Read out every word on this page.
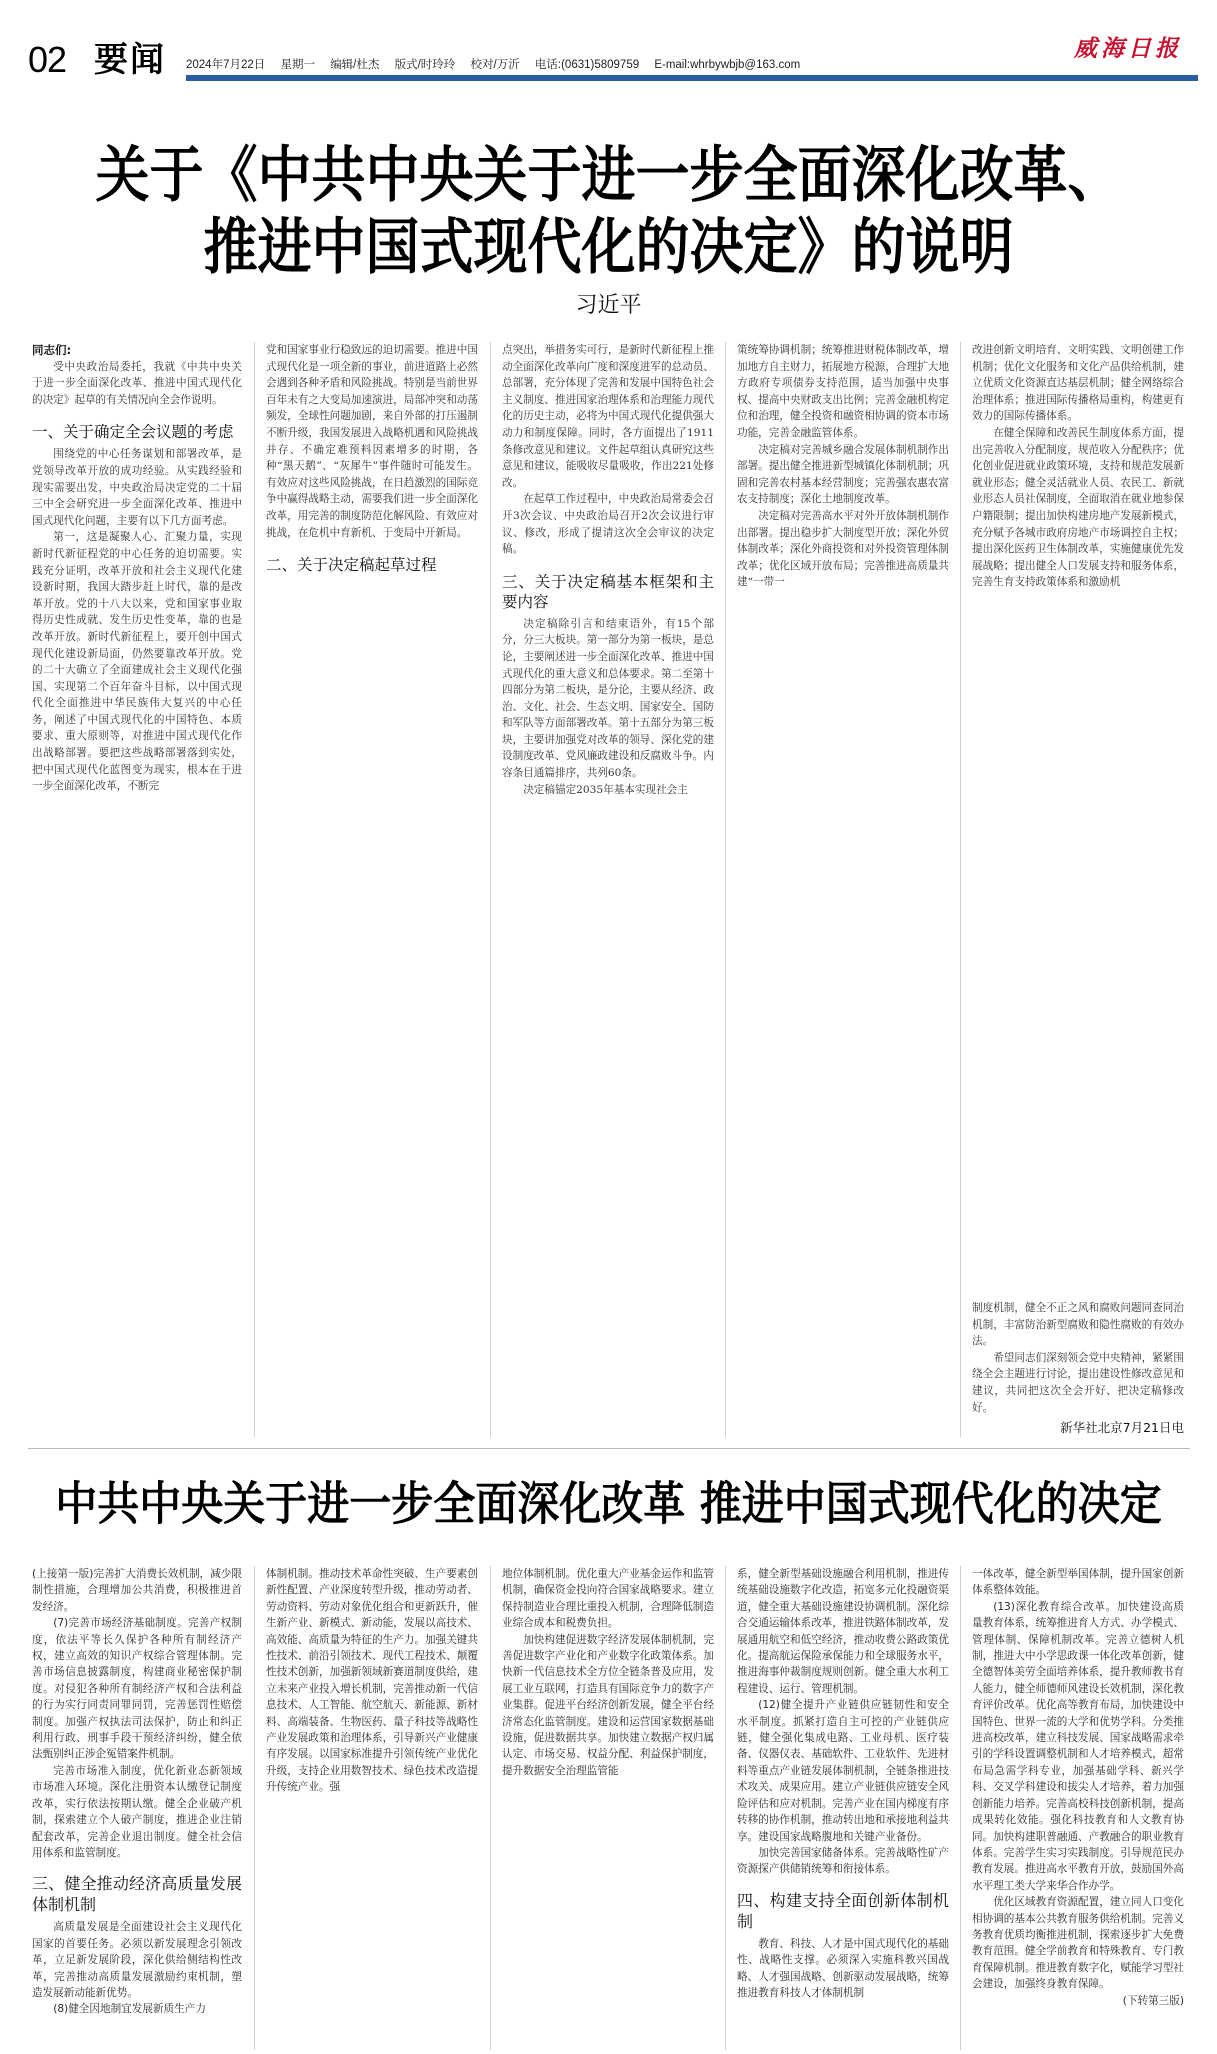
02 要闻 2024年7月22日 星期一 编辑/杜杰 版式/时玲玲 校对/万沂 电话:(0631)5809759 E-mail:whrbywbjb@163.com
威海日报
关于《中共中央关于进一步全面深化改革、
推进中国式现代化的决定》的说明
习近平

同志们:

受中央政治局委托，我就《中共中央关于进一步全面深化改革、推进中国式现代化的决定》起草的有关情况向全会作说明。

一、关于确定全会议题的考虑

围绕党的中心任务谋划和部署改革，是党领导改革开放的成功经验。从实践经验和现实需要出发，中央政治局决定党的二十届三中全会研究进一步全面深化改革、推进中国式现代化问题，主要有以下几方面考虑。

第一，这是凝聚人心、汇聚力量，实现新时代新征程党的中心任务的迫切需要。实践充分证明，改革开放和社会主义现代化建设新时期，我国大踏步赶上时代，靠的是改革开放。党的十八大以来，党和国家事业取得历史性成就、发生历史性变革，靠的也是改革开放。新时代新征程上，要开创中国式现代化建设新局面，仍然要靠改革开放。党的二十大确立了全面建成社会主义现代化强国、实现第二个百年奋斗目标，以中国式现代化全面推进中华民族伟大复兴的中心任务，阐述了中国式现代化的中国特色、本质要求、重大原则等，对推进中国式现代化作出战略部署。要把这些战略部署落到实处，把中国式现代化蓝图变为现实，根本在于进一步全面深化改革，不断完

党和国家事业行稳致远的迫切需要。推进中国式现代化是一项全新的事业，前进道路上必然会遇到各种矛盾和风险挑战。特别是当前世界百年未有之大变局加速演进，局部冲突和动荡频发，全球性问题加剧，来自外部的打压遏制不断升级，我国发展进入战略机遇和风险挑战并存、不确定难预料因素增多的时期，各种“黑天鹅”、“灰犀牛”事件随时可能发生。有效应对这些风险挑战，在日趋激烈的国际竞争中赢得战略主动，需要我们进一步全面深化改革，用完善的制度防范化解风险、有效应对挑战，在危机中育新机、于变局中开新局。

二、关于决定稿起草过程

点突出，举措务实可行，是新时代新征程上推动全面深化改革向广度和深度进军的总动员、总部署，充分体现了完善和发展中国特色社会主义制度、推进国家治理体系和治理能力现代化的历史主动，必将为中国式现代化提供强大动力和制度保障。同时，各方面提出了1911条修改意见和建议。文件起草组认真研究这些意见和建议，能吸收尽量吸收，作出221处修改。

在起草工作过程中，中央政治局常委会召开3次会议、中央政治局召开2次会议进行审议、修改，形成了提请这次全会审议的决定稿。

三、关于决定稿基本框架和主要内容

决定稿除引言和结束语外，有15个部分，分三大板块。第一部分为第一板块，是总论，主要阐述进一步全面深化改革、推进中国式现代化的重大意义和总体要求。第二至第十四部分为第二板块，是分论，主要从经济、政治、文化、社会、生态文明、国家安全、国防和军队等方面部署改革。第十五部分为第三板块，主要讲加强党对改革的领导、深化党的建设制度改革、党风廉政建设和反腐败斗争。内容条目通篇排序，共列60条。

决定稿锚定2035年基本实现社会主

策统筹协调机制；统筹推进财税体制改革，增加地方自主财力，拓展地方税源，合理扩大地方政府专项债券支持范围，适当加强中央事权、提高中央财政支出比例；完善金融机构定位和治理，健全投资和融资相协调的资本市场功能，完善金融监管体系。

决定稿对完善城乡融合发展体制机制作出部署。提出健全推进新型城镇化体制机制；巩固和完善农村基本经营制度；完善强农惠农富农支持制度；深化土地制度改革。

决定稿对完善高水平对外开放体制机制作出部署。提出稳步扩大制度型开放；深化外贸体制改革；深化外商投资和对外投资管理体制改革；优化区域开放布局；完善推进高质量共建“一带一

改进创新文明培育、文明实践、文明创建工作机制；优化文化服务和文化产品供给机制，建立优质文化资源直达基层机制；健全网络综合治理体系；推进国际传播格局重构，构建更有效力的国际传播体系。

在健全保障和改善民生制度体系方面，提出完善收入分配制度，规范收入分配秩序；优化创业促进就业政策环境，支持和规范发展新就业形态；健全灵活就业人员、农民工、新就业形态人员社保制度，全面取消在就业地参保户籍限制；提出加快构建房地产发展新模式，充分赋予各城市政府房地产市场调控自主权；提出深化医药卫生体制改革，实施健康优先发展战略；提出健全人口发展支持和服务体系，完善生育支持政策体系和激励机

制度机制，健全不正之风和腐败问题同查同治机制，丰富防治新型腐败和隐性腐败的有效办法。

希望同志们深刻领会党中央精神，紧紧围绕全会主题进行讨论，提出建设性修改意见和建议，共同把这次全会开好、把决定稿修改好。

新华社北京7月21日电

中共中央关于进一步全面深化改革 推进中国式现代化的决定

(上接第一版)完善扩大消费长效机制，减少限制性措施，合理增加公共消费，积极推进首发经济。

(7)完善市场经济基础制度。完善产权制度，依法平等长久保护各种所有制经济产权，建立高效的知识产权综合管理体制。完善市场信息披露制度，构建商业秘密保护制度。对侵犯各种所有制经济产权和合法利益的行为实行同责同罪同罚，完善惩罚性赔偿制度。加强产权执法司法保护，防止和纠正利用行政、刑事手段干预经济纠纷，健全依法甄别纠正涉企冤错案件机制。

完善市场准入制度，优化新业态新领域市场准入环境。深化注册资本认缴登记制度改革，实行依法按期认缴。健全企业破产机制，探索建立个人破产制度，推进企业注销配套改革，完善企业退出制度。健全社会信用体系和监管制度。

三、健全推动经济高质量发展体制机制

高质量发展是全面建设社会主义现代化国家的首要任务。必须以新发展理念引领改革，立足新发展阶段，深化供给侧结构性改革，完善推动高质量发展激励约束机制，塑造发展新动能新优势。

(8)健全因地制宜发展新质生产力

体制机制。推动技术革命性突破、生产要素创新性配置、产业深度转型升级，推动劳动者、劳动资料、劳动对象优化组合和更新跃升，催生新产业、新模式、新动能，发展以高技术、高效能、高质量为特征的生产力。加强关键共性技术、前沿引领技术、现代工程技术、颠覆性技术创新，加强新领域新赛道制度供给，建立未来产业投入增长机制，完善推动新一代信息技术、人工智能、航空航天、新能源、新材料、高端装备、生物医药、量子科技等战略性产业发展政策和治理体系，引导新兴产业健康有序发展。以国家标准提升引领传统产业优化升级，支持企业用数智技术、绿色技术改造提升传统产业。强

地位体制机制。优化重大产业基金运作和监管机制，确保资金投向符合国家战略要求。建立保持制造业合理比重投入机制，合理降低制造业综合成本和税费负担。

加快构建促进数字经济发展体制机制，完善促进数字产业化和产业数字化政策体系。加快新一代信息技术全方位全链条普及应用，发展工业互联网，打造具有国际竞争力的数字产业集群。促进平台经济创新发展，健全平台经济常态化监管制度。建设和运营国家数据基础设施，促进数据共享。加快建立数据产权归属认定、市场交易、权益分配、利益保护制度，提升数据安全治理监管能

系，健全新型基础设施融合利用机制，推进传统基础设施数字化改造，拓宽多元化投融资渠道，健全重大基础设施建设协调机制。深化综合交通运输体系改革，推进铁路体制改革，发展通用航空和低空经济，推动收费公路政策优化。提高航运保险承保能力和全球服务水平，推进海事仲裁制度规则创新。健全重大水利工程建设、运行、管理机制。

(12)健全提升产业链供应链韧性和安全水平制度。抓紧打造自主可控的产业链供应链，健全强化集成电路、工业母机、医疗装备、仪器仪表、基础软件、工业软件、先进材料等重点产业链发展体制机制，全链条推进技术攻关、成果应用。建立产业链供应链安全风险评估和应对机制。完善产业在国内梯度有序转移的协作机制，推动转出地和承接地利益共享。建设国家战略腹地和关键产业备份。

加快完善国家储备体系。完善战略性矿产资源探产供储销统筹和衔接体系。

四、构建支持全面创新体制机制

教育、科技、人才是中国式现代化的基础性、战略性支撑。必须深入实施科教兴国战略、人才强国战略、创新驱动发展战略，统筹推进教育科技人才体制机制

一体改革，健全新型举国体制，提升国家创新体系整体效能。

(13)深化教育综合改革。加快建设高质量教育体系，统筹推进育人方式、办学模式、管理体制、保障机制改革。完善立德树人机制，推进大中小学思政课一体化改革创新，健全德智体美劳全面培养体系，提升教师教书育人能力，健全师德师风建设长效机制，深化教育评价改革。优化高等教育布局，加快建设中国特色、世界一流的大学和优势学科。分类推进高校改革，建立科技发展、国家战略需求牵引的学科设置调整机制和人才培养模式，超常布局急需学科专业，加强基础学科、新兴学科、交叉学科建设和拔尖人才培养，着力加强创新能力培养。完善高校科技创新机制，提高成果转化效能。强化科技教育和人文教育协同。加快构建职普融通、产教融合的职业教育体系。完善学生实习实践制度。引导规范民办教育发展。推进高水平教育开放，鼓励国外高水平理工类大学来华合作办学。

优化区域教育资源配置，建立同人口变化相协调的基本公共教育服务供给机制。完善义务教育优质均衡推进机制，探索逐步扩大免费教育范围。健全学前教育和特殊教育、专门教育保障机制。推进教育数字化，赋能学习型社会建设，加强终身教育保障。

(下转第三版)
